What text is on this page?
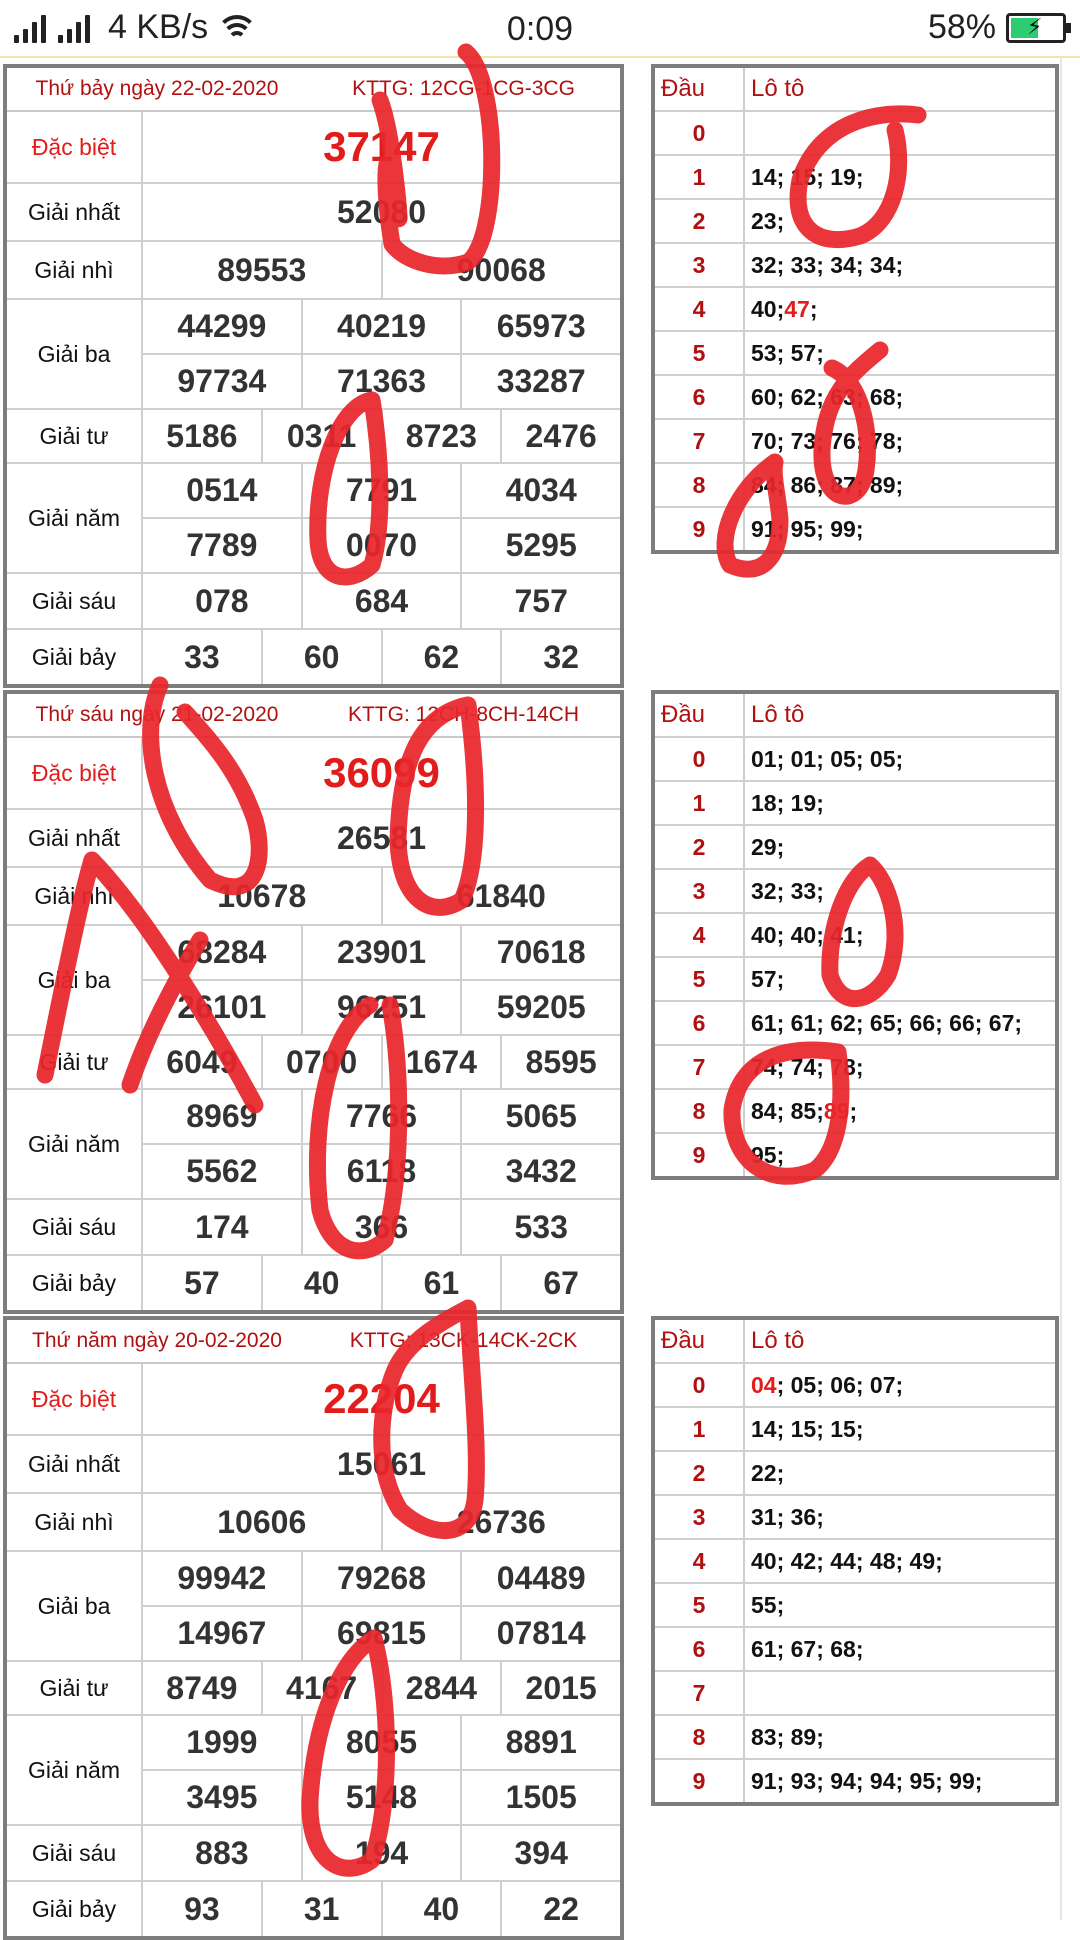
4 KB/s	0:09	58% ⚡
Thứ bảy ngày 22-02-2020	KTTG: 12CG-1CG-3CG
Đặc biệt	37147
Giải nhất	52080
Giải nhì	89553	90068
Giải ba
44299	40219	65973
97734	71363	33287
Giải tư	5186	0311	8723	2476
Giải năm
0514	7791	4034
7789	0070	5295
Giải sáu	078	684	757
Giải bảy	33	60	62	32
Đầu	Lô tô
0
1	14; 15; 19;
2	23;
3	32; 33; 34; 34;
4	40; 47 ;
5	53; 57;
6	60; 62; 63; 68;
7	70; 73; 76; 78;
8	84; 86; 87; 89;
9	91; 95; 99;
Thứ sáu ngày 21-02-2020	KTTG: 12CH-8CH-14CH
Đặc biệt	36099
Giải nhất	26581
Giải nhì	10678	61840
Giải ba
68284	23901	70618
26101	96251	59205
Giải tư	6049	0700	1674	8595
Giải năm
8969	7766	5065
5562	6118	3432
Giải sáu	174	366	533
Giải bảy	57	40	61	67
Đầu	Lô tô
0	01; 01; 05; 05;
1	18; 19;
2	29;
3	32; 33;
4	40; 40; 41;
5	57;
6	61; 61; 62; 65; 66; 66; 67;
7	74; 74; 78;
8	84; 85; 89 ;
9	95;
Thứ năm ngày 20-02-2020	KTTG: 13CK-14CK-2CK
Đặc biệt	22204
Giải nhất	15061
Giải nhì	10606	26736
Giải ba
99942	79268	04489
14967	69815	07814
Giải tư	8749	4167	2844	2015
Giải năm
1999	8055	8891
3495	5148	1505
Giải sáu	883	194	394
Giải bảy	93	31	40	22
Đầu	Lô tô
0	04 ; 05; 06; 07;
1	14; 15; 15;
2	22;
3	31; 36;
4	40; 42; 44; 48; 49;
5	55;
6	61; 67; 68;
7
8	83; 89;
9	91; 93; 94; 94; 95; 99;
